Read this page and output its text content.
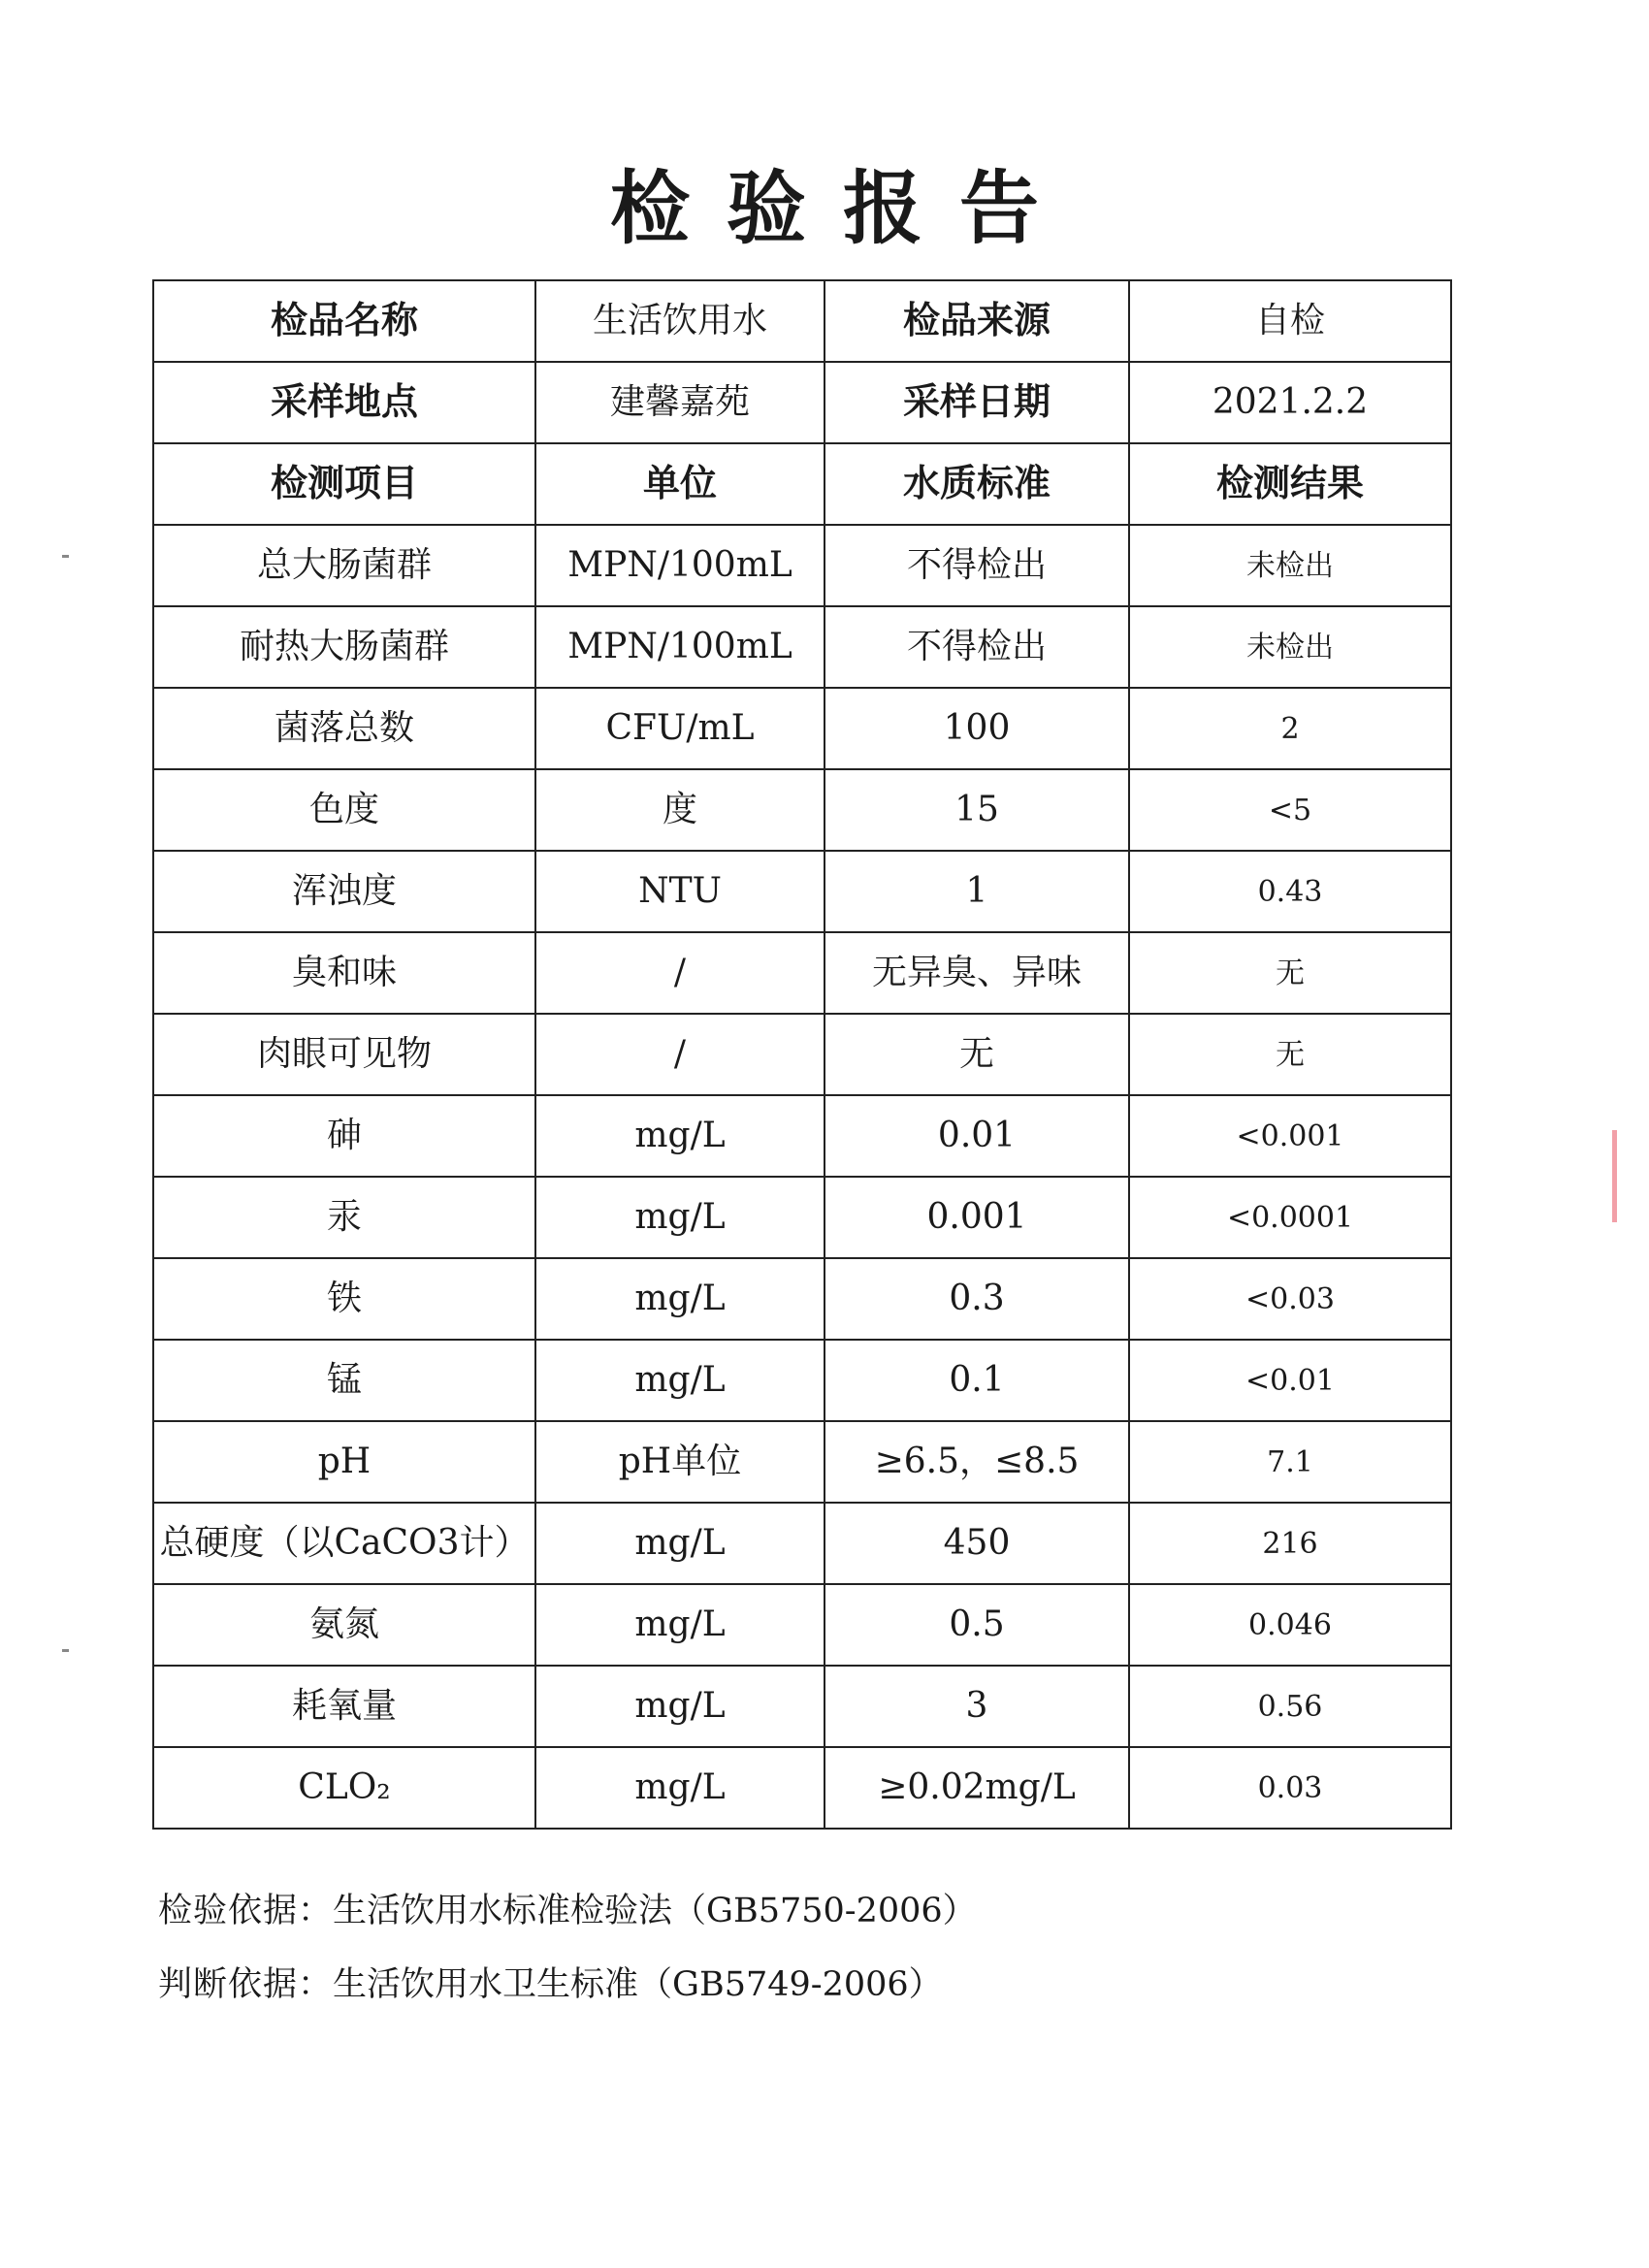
检验报告
检品名称	生活饮用水	检品来源	自检
采样地点	建馨嘉苑	采样日期	2021.2.2
检测项目	单位	水质标准	检测结果
总大肠菌群	MPN/100mL	不得检出	未检出
耐热大肠菌群	MPN/100mL	不得检出	未检出
菌落总数	CFU/mL	100	2
色度	度	15	<5
浑浊度	NTU	1	0.43
臭和味	/	无异臭、异味	无
肉眼可见物	/	无	无
砷	mg/L	0.01	<0.001
汞	mg/L	0.001	<0.0001
铁	mg/L	0.3	<0.03
锰	mg/L	0.1	<0.01
pH	pH单位	≥6.5，≤8.5	7.1
总硬度（以CaCO3计）	mg/L	450	216
氨氮	mg/L	0.5	0.046
耗氧量	mg/L	3	0.56
CLO₂	mg/L	≥0.02mg/L	0.03
检验依据：生活饮用水标准检验法（GB5750-2006）
判断依据：生活饮用水卫生标准（GB5749-2006）
